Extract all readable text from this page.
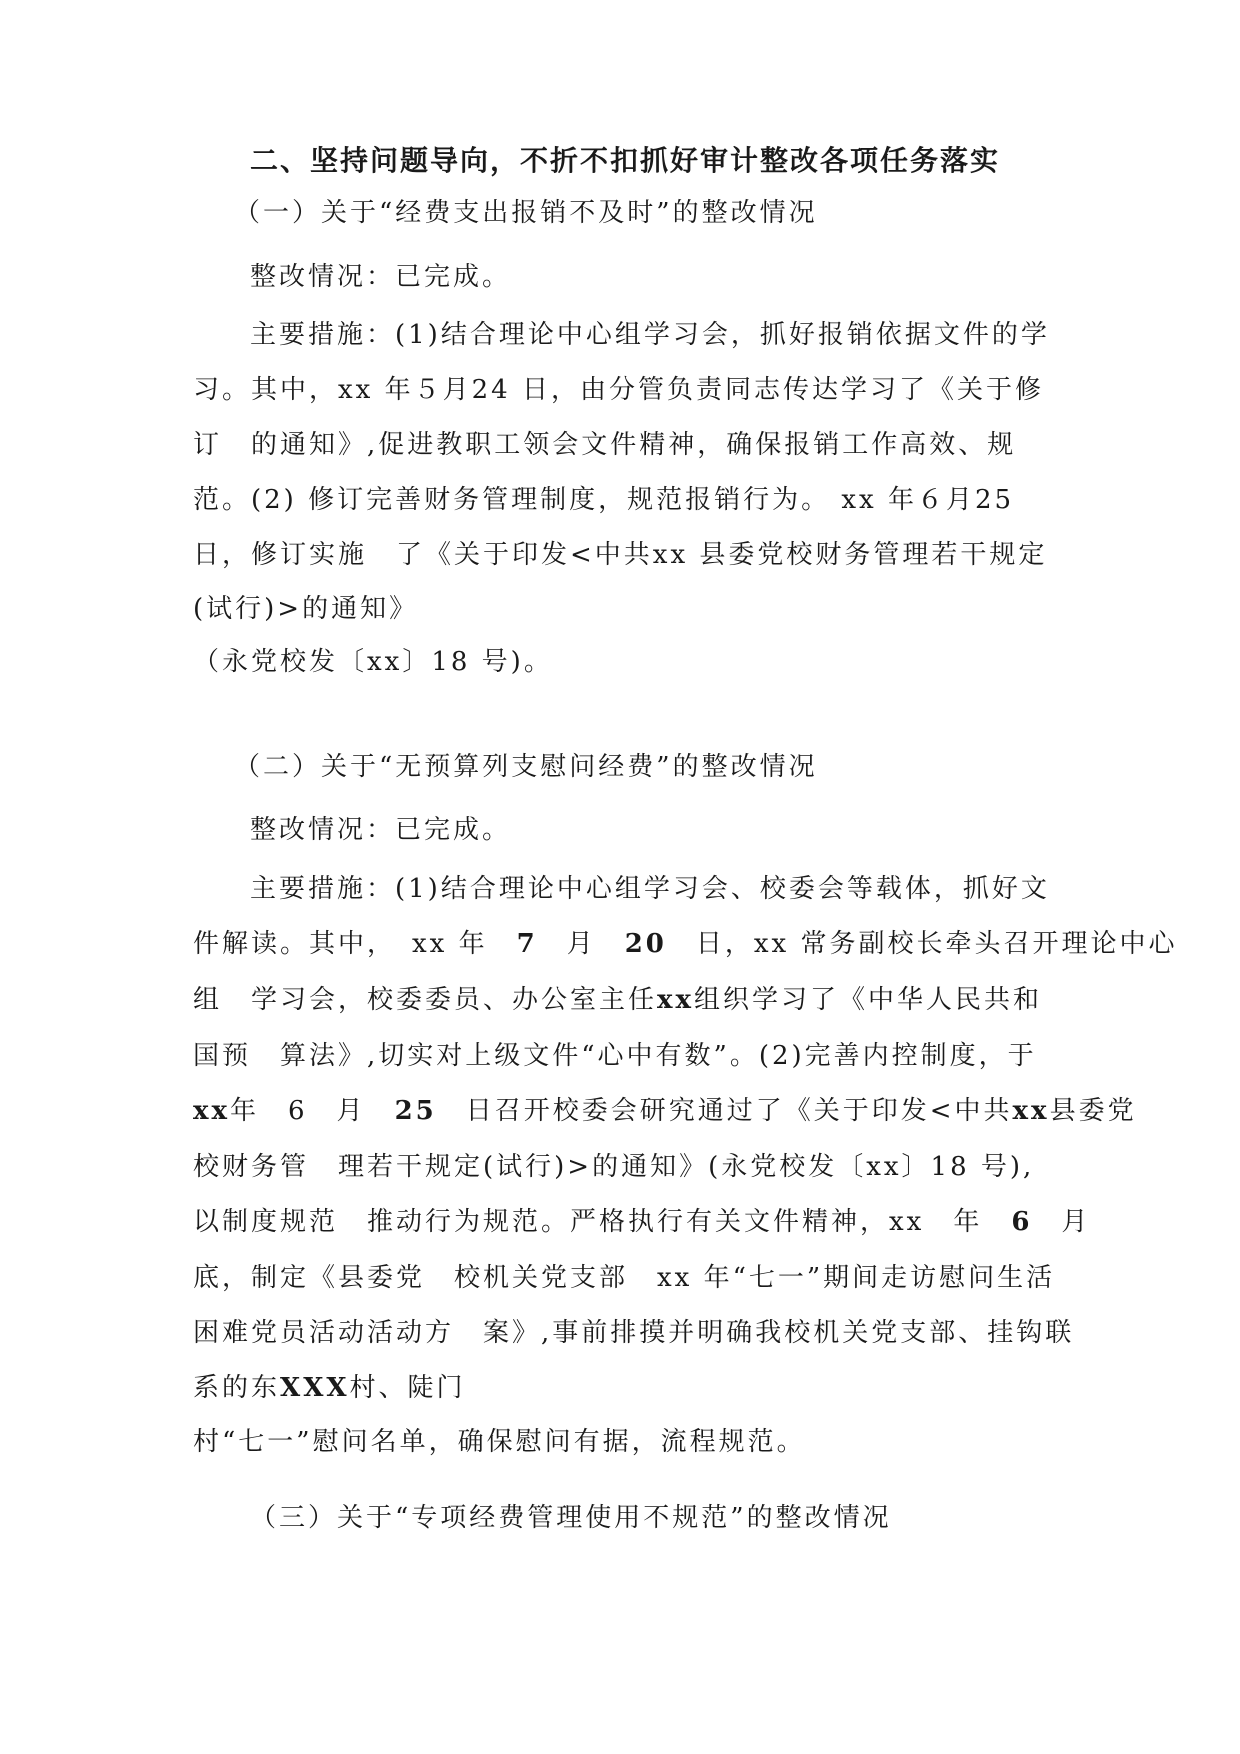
二、坚持问题导向，不折不扣抓好审计整改各项任务落实
（一）关于“经费支出报销不及时”的整改情况
整改情况：已完成。
主要措施：(1)结合理论中心组学习会，抓好报销依据文件的学
习。其中，xx 年５月24 日，由分管负责同志传达学习了《关于修
订　的通知》,促进教职工领会文件精神，确保报销工作高效、规
范。(2) 修订完善财务管理制度，规范报销行为。 xx 年６月25
日，修订实施　了《关于印发<中共xx 县委党校财务管理若干规定
(试行)>的通知》
（永党校发〔xx〕18 号)。
（二）关于“无预算列支慰问经费”的整改情况
整改情况：已完成。
主要措施：(1)结合理论中心组学习会、校委会等载体，抓好文
件解读。其中，　xx 年　7　月　20　日，xx 常务副校长牵头召开理论中心
组　学习会，校委委员、办公室主任xx组织学习了《中华人民共和
国预　算法》,切实对上级文件“心中有数”。(2)完善内控制度，于
xx年　6　月　25　日召开校委会研究通过了《关于印发<中共xx县委党
校财务管　理若干规定(试行)>的通知》(永党校发〔xx〕18 号),
以制度规范　推动行为规范。严格执行有关文件精神，xx　年　6　月
底，制定《县委党　校机关党支部　xx 年“七一”期间走访慰问生活
困难党员活动活动方　案》,事前排摸并明确我校机关党支部、挂钩联
系的东XXX村、陡门
村“七一”慰问名单，确保慰问有据，流程规范。
（三）关于“专项经费管理使用不规范”的整改情况
